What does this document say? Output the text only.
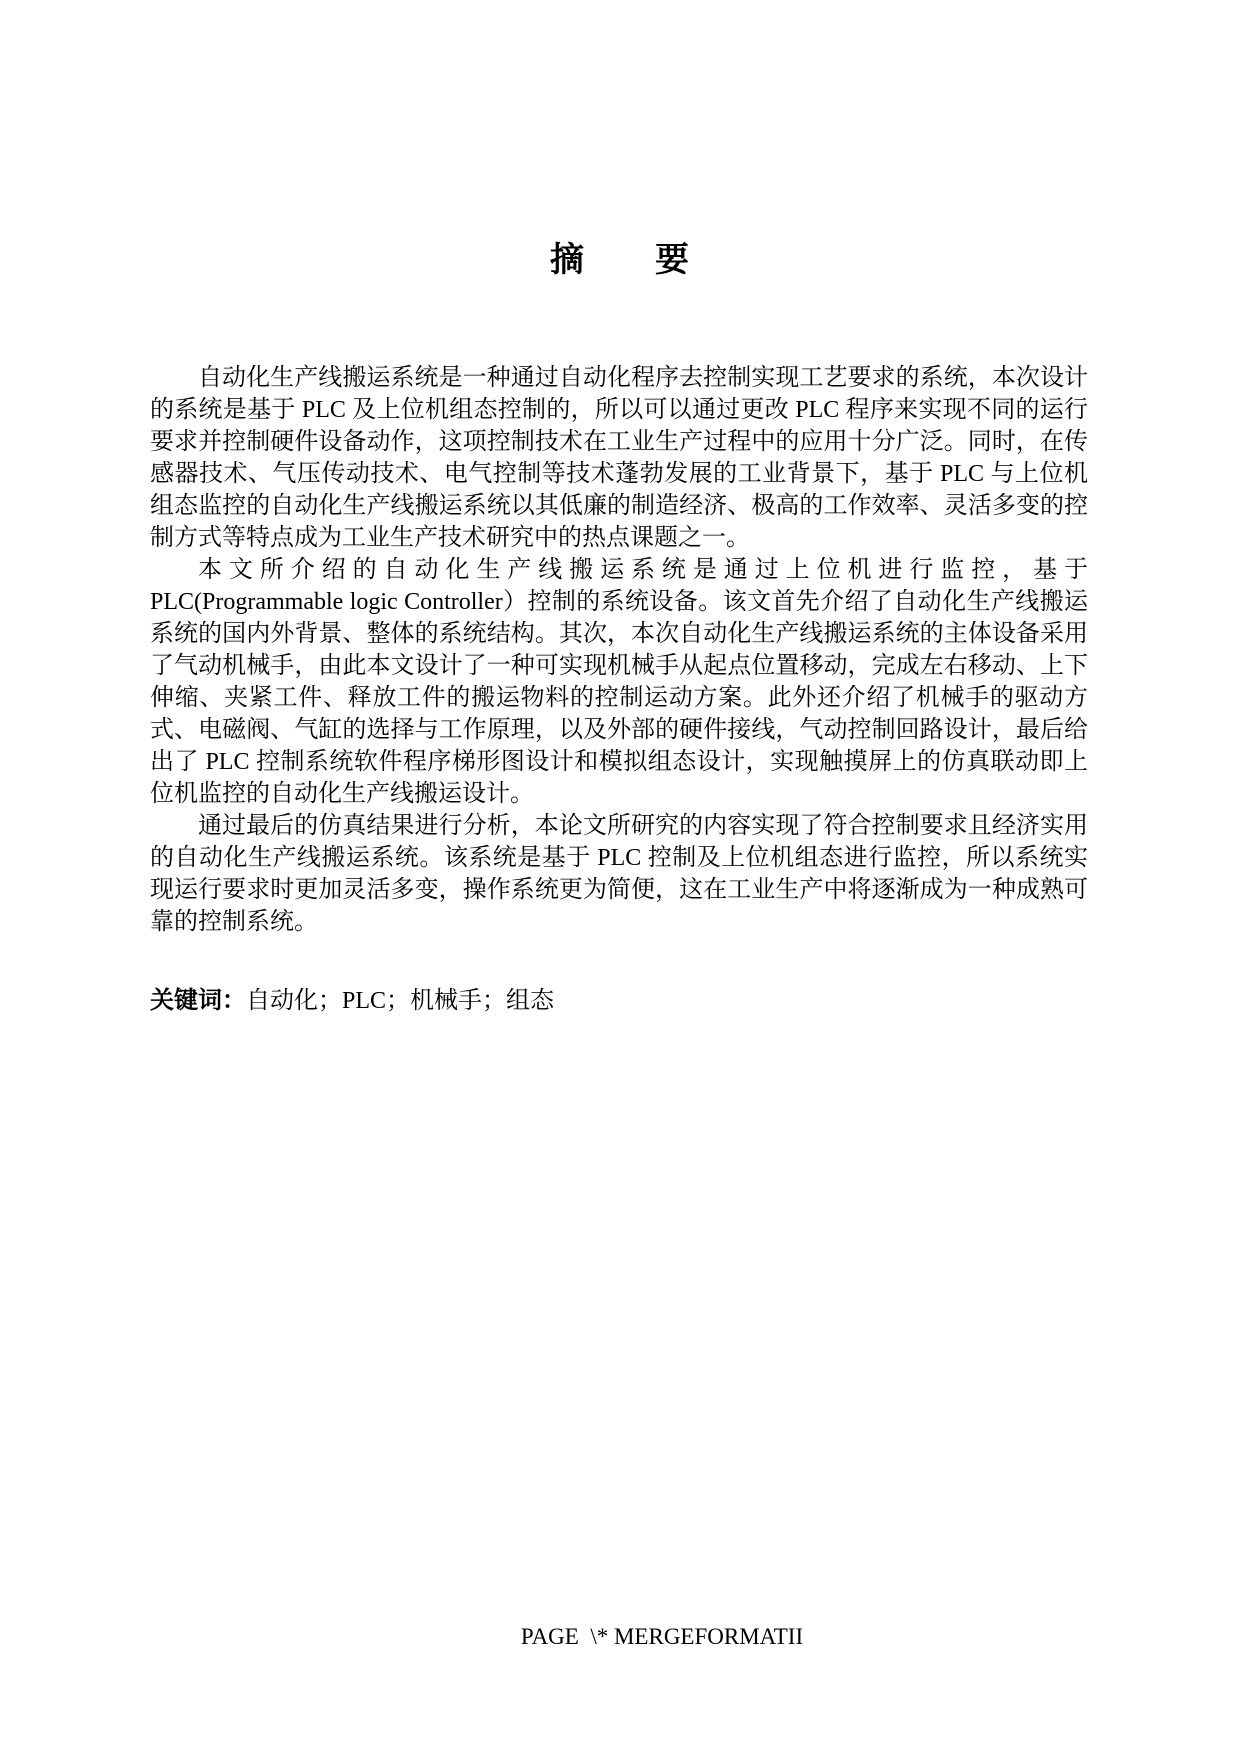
摘　　要

自动化生产线搬运系统是一种通过自动化程序去控制实现工艺要求的系统，本次设计的系统是基于 PLC 及上位机组态控制的，所以可以通过更改 PLC 程序来实现不同的运行要求并控制硬件设备动作，这项控制技术在工业生产过程中的应用十分广泛。同时，在传感器技术、气压传动技术、电气控制等技术蓬勃发展的工业背景下，基于 PLC 与上位机组态监控的自动化生产线搬运系统以其低廉的制造经济、极高的工作效率、灵活多变的控制方式等特点成为工业生产技术研究中的热点课题之一。

本文所介绍的自动化生产线搬运系统是通过上位机进行监控，基于 PLC(Programmable logic Controller）控制的系统设备。该文首先介绍了自动化生产线搬运系统的国内外背景、整体的系统结构。其次，本次自动化生产线搬运系统的主体设备采用了气动机械手，由此本文设计了一种可实现机械手从起点位置移动，完成左右移动、上下伸缩、夹紧工件、释放工件的搬运物料的控制运动方案。此外还介绍了机械手的驱动方式、电磁阀、气缸的选择与工作原理，以及外部的硬件接线，气动控制回路设计，最后给出了 PLC 控制系统软件程序梯形图设计和模拟组态设计，实现触摸屏上的仿真联动即上位机监控的自动化生产线搬运设计。

通过最后的仿真结果进行分析，本论文所研究的内容实现了符合控制要求且经济实用的自动化生产线搬运系统。该系统是基于 PLC 控制及上位机组态进行监控，所以系统实现运行要求时更加灵活多变，操作系统更为简便，这在工业生产中将逐渐成为一种成熟可靠的控制系统。

关键词：自动化；PLC；机械手；组态

PAGE  \* MERGEFORMATII
